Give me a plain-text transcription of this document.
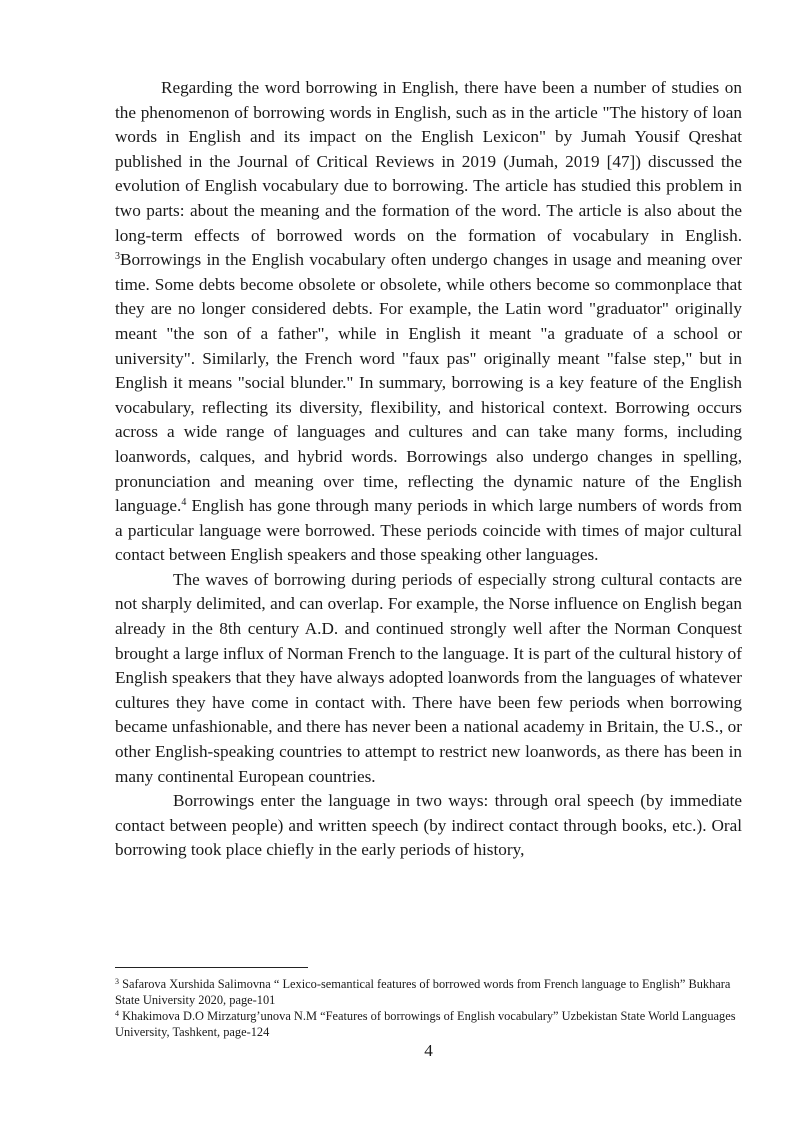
Regarding the word borrowing in English, there have been a number of studies on the phenomenon of borrowing words in English, such as in the article "The history of loan words in English and its impact on the English Lexicon" by Jumah Yousif Qreshat published in the Journal of Critical Reviews in 2019 (Jumah, 2019 [47]) discussed the evolution of English vocabulary due to borrowing. The article has studied this problem in two parts: about the meaning and the formation of the word. The article is also about the long-term effects of borrowed words on the formation of vocabulary in English. $^3$Borrowings in the English vocabulary often undergo changes in usage and meaning over time. Some debts become obsolete or obsolete, while others become so commonplace that they are no longer considered debts. For example, the Latin word "graduator" originally meant "the son of a father", while in English it meant "a graduate of a school or university". Similarly, the French word "faux pas" originally meant "false step," but in English it means "social blunder." In summary, borrowing is a key feature of the English vocabulary, reflecting its diversity, flexibility, and historical context. Borrowing occurs across a wide range of languages and cultures and can take many forms, including loanwords, calques, and hybrid words. Borrowings also undergo changes in spelling, pronunciation and meaning over time, reflecting the dynamic nature of the English language.$^4$ English has gone through many periods in which large numbers of words from a particular language were borrowed. These periods coincide with times of major cultural contact between English speakers and those speaking other languages.

The waves of borrowing during periods of especially strong cultural contacts are not sharply delimited, and can overlap. For example, the Norse influence on English began already in the 8th century A.D. and continued strongly well after the Norman Conquest brought a large influx of Norman French to the language. It is part of the cultural history of English speakers that they have always adopted loanwords from the languages of whatever cultures they have come in contact with. There have been few periods when borrowing became unfashionable, and there has never been a national academy in Britain, the U.S., or other English-speaking countries to attempt to restrict new loanwords, as there has been in many continental European countries.

Borrowings enter the language in two ways: through oral speech (by immediate contact between people) and written speech (by indirect contact through books, etc.). Oral borrowing took place chiefly in the early periods of history,

$^3$ Safarova Xurshida Salimovna “ Lexico-semantical features of borrowed words from French language to English” Bukhara State University 2020, page-101
$^4$ Khakimova D.O Mirzaturg’unova N.M “Features of borrowings of English vocabulary” Uzbekistan State World Languages University, Tashkent, page-124
4
